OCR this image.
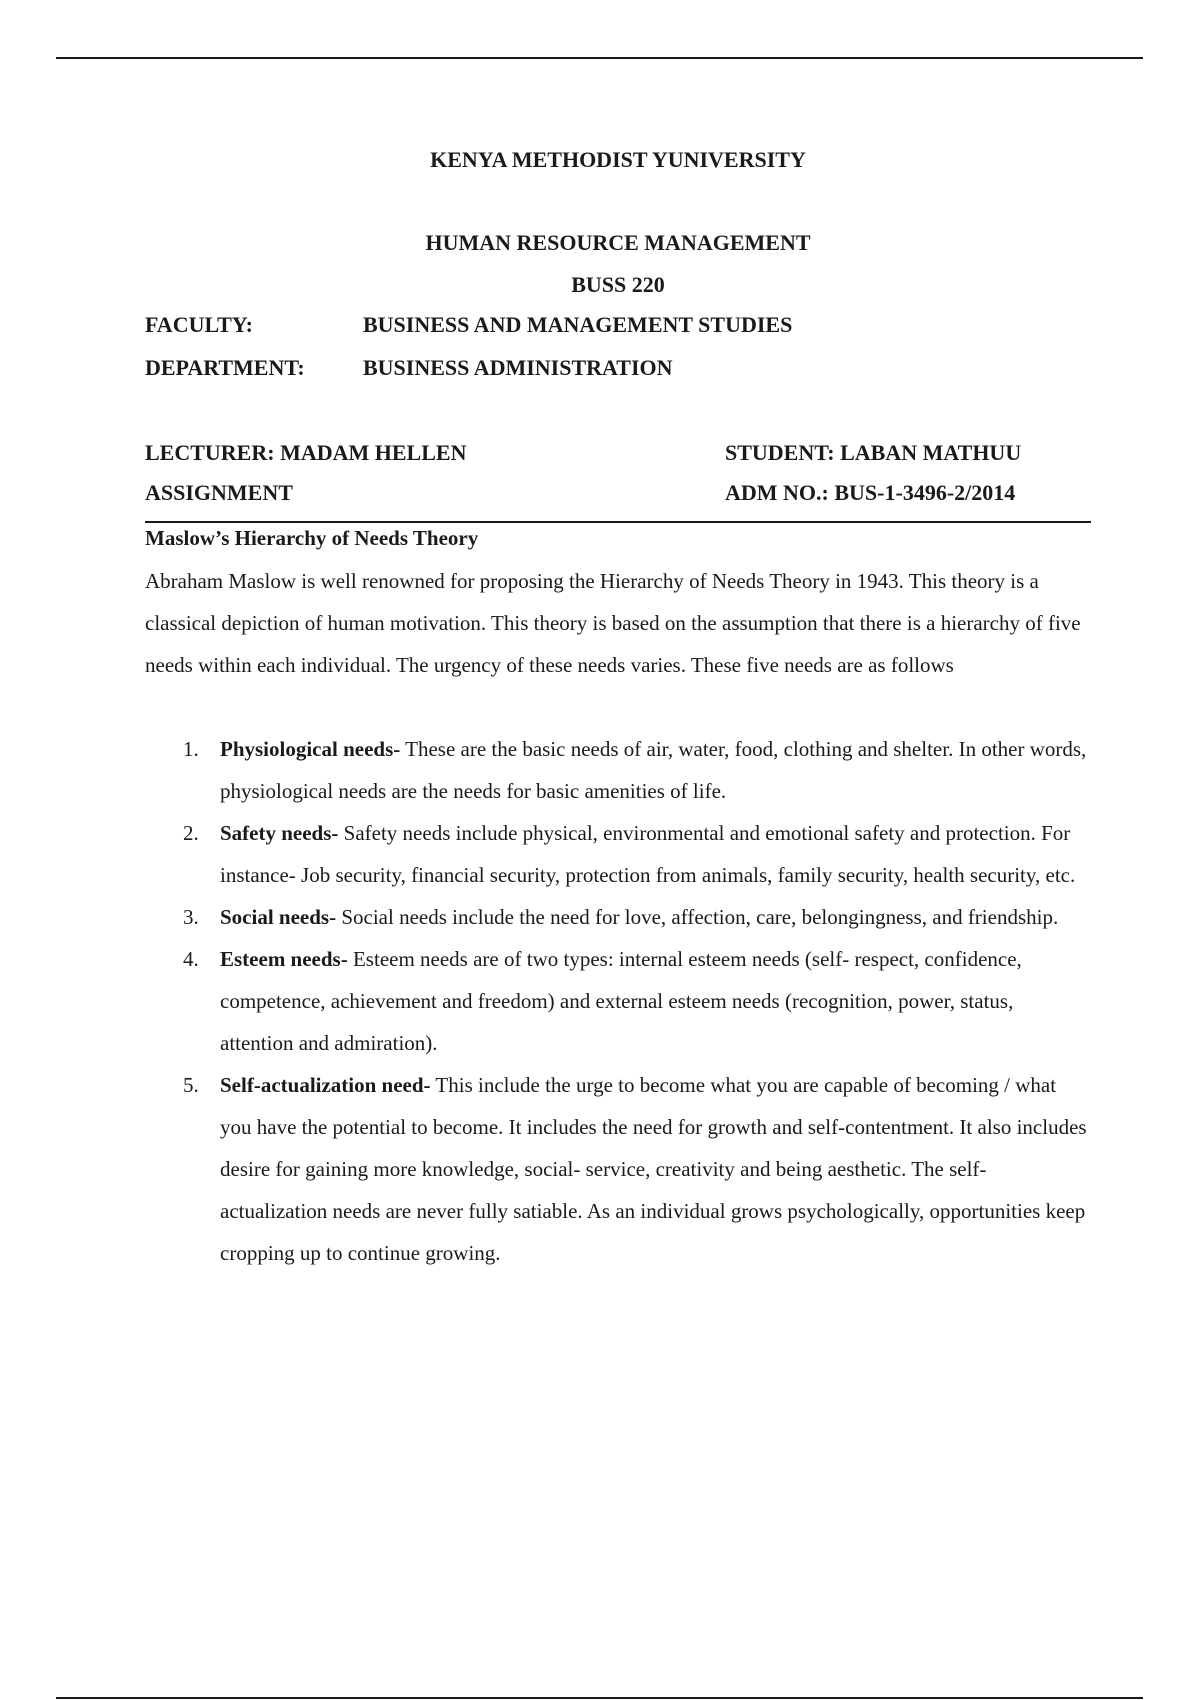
KENYA METHODIST YUNIVERSITY
HUMAN RESOURCE MANAGEMENT
BUSS 220
FACULTY:	BUSINESS AND MANAGEMENT STUDIES
DEPARTMENT:	BUSINESS ADMINISTRATION
LECTURER: MADAM HELLEN	STUDENT: LABAN MATHUU
ASSIGNMENT	ADM NO.: BUS-1-3496-2/2014
Maslow’s Hierarchy of Needs Theory
Abraham Maslow is well renowned for proposing the Hierarchy of Needs Theory in 1943. This theory is a classical depiction of human motivation. This theory is based on the assumption that there is a hierarchy of five needs within each individual. The urgency of these needs varies. These five needs are as follows
1. Physiological needs- These are the basic needs of air, water, food, clothing and shelter. In other words, physiological needs are the needs for basic amenities of life.
2. Safety needs- Safety needs include physical, environmental and emotional safety and protection. For instance- Job security, financial security, protection from animals, family security, health security, etc.
3. Social needs- Social needs include the need for love, affection, care, belongingness, and friendship.
4. Esteem needs- Esteem needs are of two types: internal esteem needs (self- respect, confidence, competence, achievement and freedom) and external esteem needs (recognition, power, status, attention and admiration).
5. Self-actualization need- This include the urge to become what you are capable of becoming / what you have the potential to become. It includes the need for growth and self-contentment. It also includes desire for gaining more knowledge, social- service, creativity and being aesthetic. The self- actualization needs are never fully satiable. As an individual grows psychologically, opportunities keep cropping up to continue growing.
